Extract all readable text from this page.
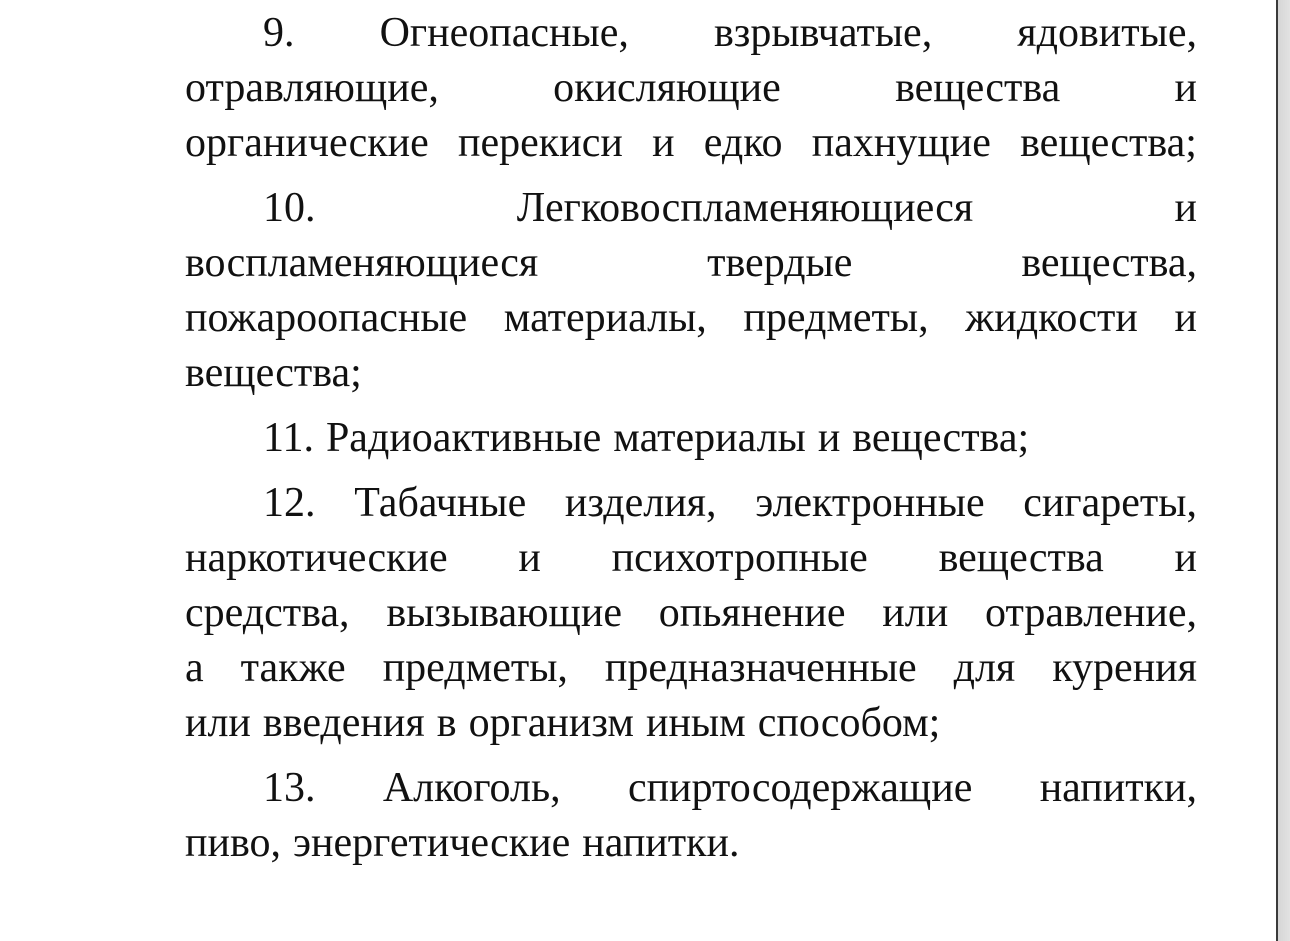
9. Огнеопасные, взрывчатые, ядовитые,
отравляющие,	окисляющие	вещества	и
органические перекиси и едко пахнущие вещества;
10.	Легковоспламеняющиеся	и
воспламеняющиеся	твердые	вещества,
пожароопасные материалы, предметы, жидкости и
вещества;
11. Радиоактивные материалы и вещества;
12. Табачные изделия, электронные сигареты,
наркотические и психотропные вещества и
средства, вызывающие опьянение или отравление,
а также предметы, предназначенные для курения
или введения в организм иным способом;
13. Алкоголь, спиртосодержащие напитки,
пиво, энергетические напитки.
